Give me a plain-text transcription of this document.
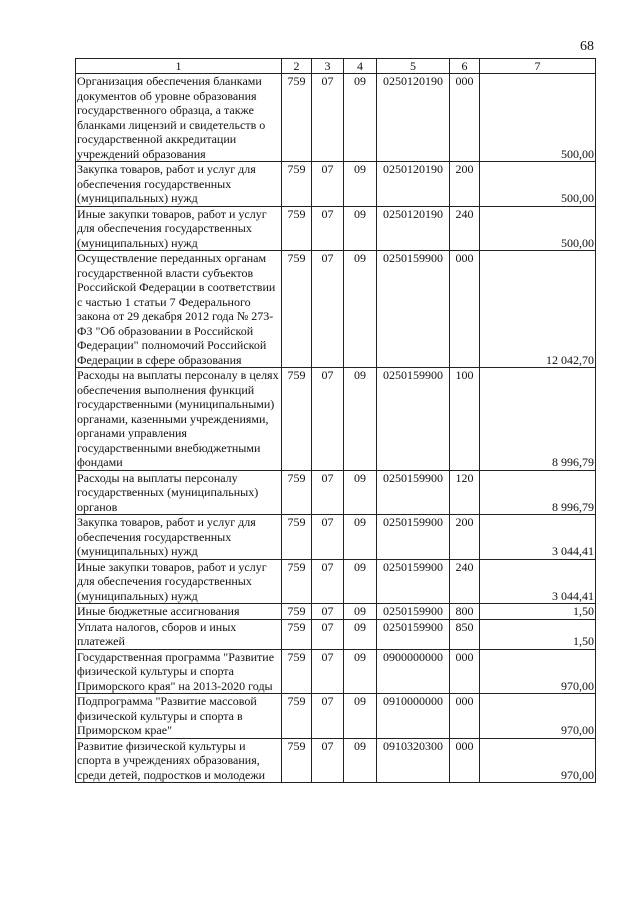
68
1	2	3	4	5	6	7
Организация обеспечения бланками документов об уровне образования государственного образца, а также бланками лицензий и свидетельств о государственной аккредитации учреждений образования	759	07	09	0250120190	000	500,00
Закупка товаров, работ и услуг для обеспечения государственных (муниципальных) нужд	759	07	09	0250120190	200	500,00
Иные закупки товаров, работ и услуг для обеспечения государственных (муниципальных) нужд	759	07	09	0250120190	240	500,00
Осуществление переданных органам государственной власти субъектов Российской Федерации в соответствии с частью 1 статьи 7 Федерального закона от 29 декабря 2012 года № 273-ФЗ "Об образовании в Российской Федерации" полномочий Российской Федерации в сфере образования	759	07	09	0250159900	000	12 042,70
Расходы на выплаты персоналу в целях обеспечения выполнения функций государственными (муниципальными) органами, казенными учреждениями, органами управления государственными внебюджетными фондами	759	07	09	0250159900	100	8 996,79
Расходы на выплаты персоналу государственных (муниципальных) органов	759	07	09	0250159900	120	8 996,79
Закупка товаров, работ и услуг для обеспечения государственных (муниципальных) нужд	759	07	09	0250159900	200	3 044,41
Иные закупки товаров, работ и услуг для обеспечения государственных (муниципальных) нужд	759	07	09	0250159900	240	3 044,41
Иные бюджетные ассигнования	759	07	09	0250159900	800	1,50
Уплата налогов, сборов и иных платежей	759	07	09	0250159900	850	1,50
Государственная программа "Развитие физической культуры и спорта Приморского края" на 2013-2020 годы	759	07	09	0900000000	000	970,00
Подпрограмма "Развитие массовой физической культуры и спорта в Приморском крае"	759	07	09	0910000000	000	970,00
Развитие физической культуры и спорта в учреждениях образования, среди детей, подростков и молодежи	759	07	09	0910320300	000	970,00
